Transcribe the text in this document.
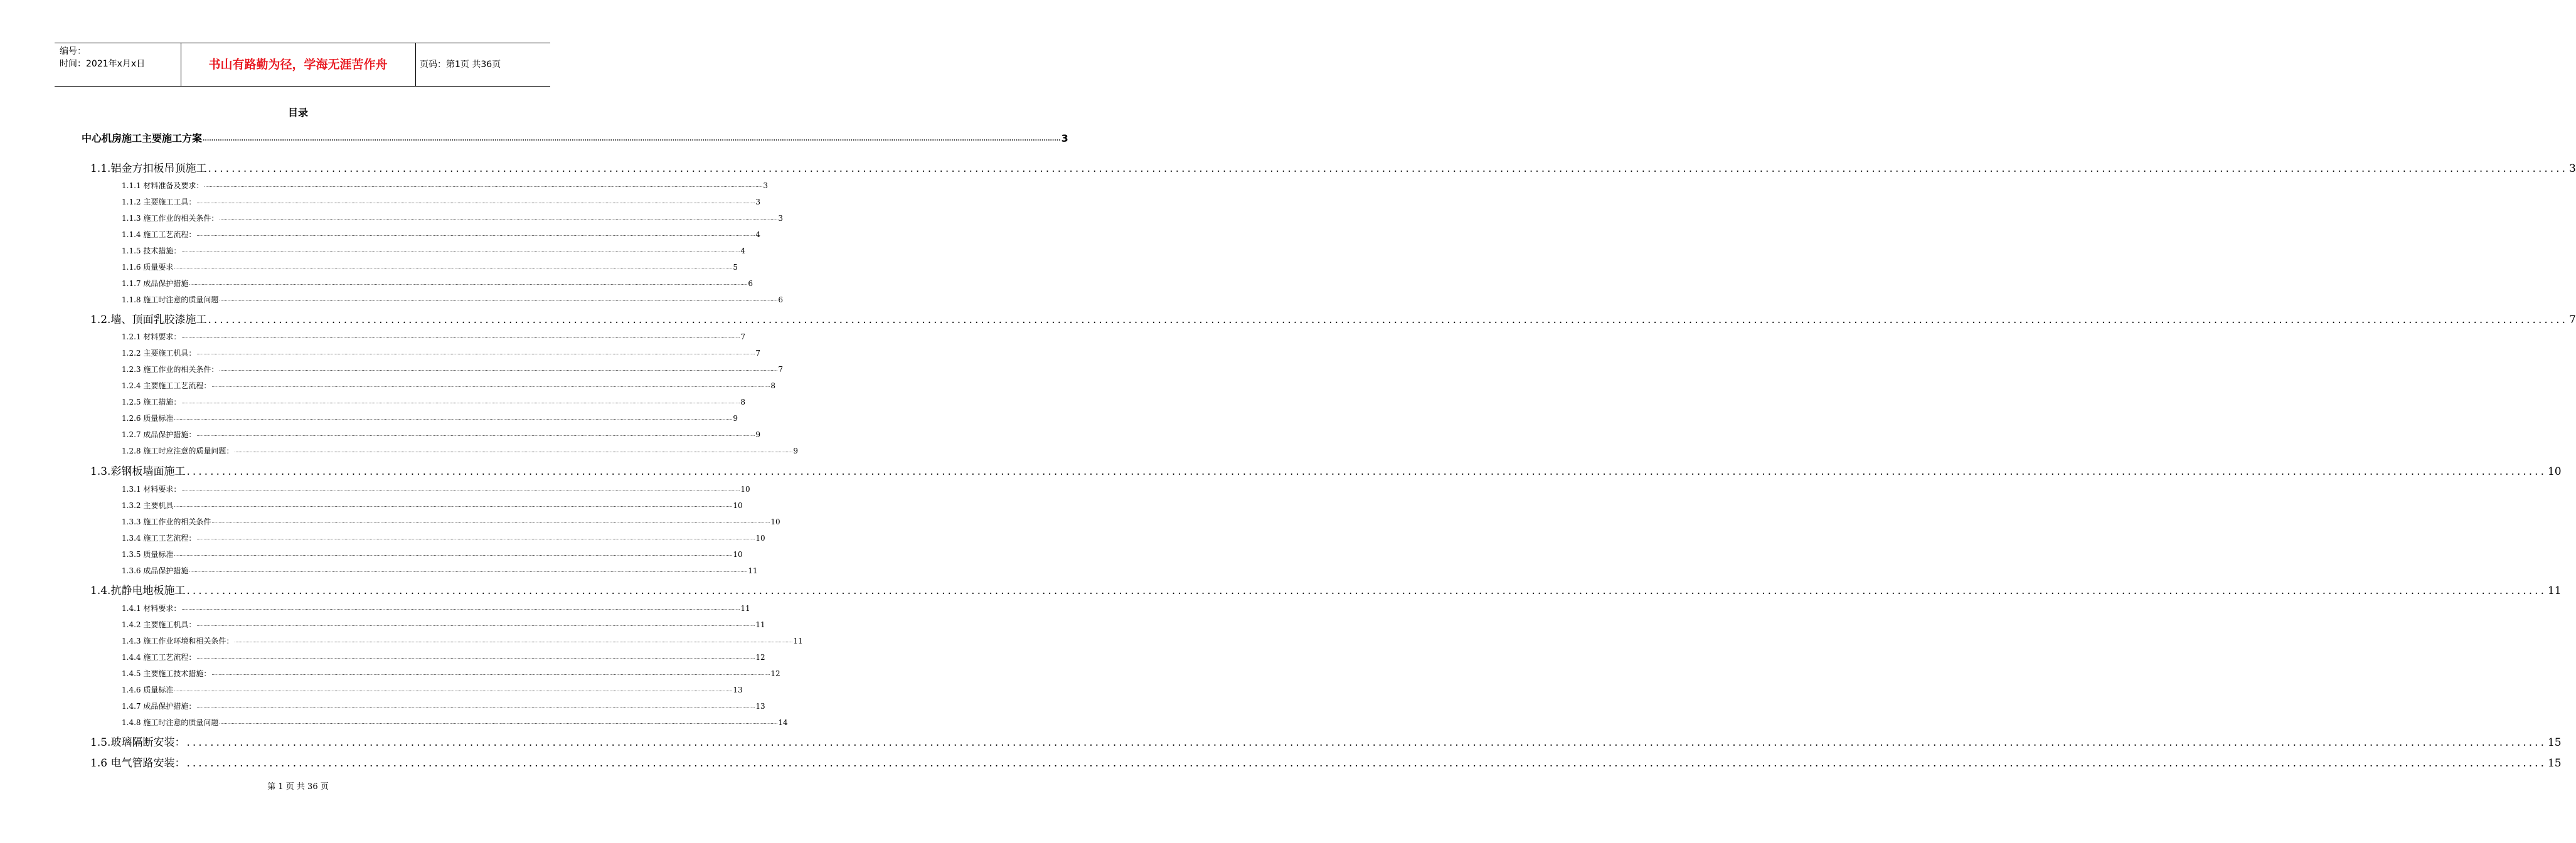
编号：
时间：2021年x月x日	书山有路勤为径，学海无涯苦作舟	页码：第1页 共36页
目录
中心机房施工主要施工方案 ................................................................................................................................................................................................................................................................................................................................................................................................................ 3
1.1.铝金方扣板吊顶施工 ................................................................................................................................................................................................................................................................................................................................................................................................................ 3
1.1.1 材料准备及要求： ................................................................................................................................................................................................................................................................................................................................................................................................................ 3
1.1.2 主要施工工具： ................................................................................................................................................................................................................................................................................................................................................................................................................ 3
1.1.3 施工作业的相关条件： ................................................................................................................................................................................................................................................................................................................................................................................................................ 3
1.1.4 施工工艺流程： ................................................................................................................................................................................................................................................................................................................................................................................................................ 4
1.1.5 技术措施： ................................................................................................................................................................................................................................................................................................................................................................................................................ 4
1.1.6 质量要求 ................................................................................................................................................................................................................................................................................................................................................................................................................ 5
1.1.7 成品保护措施 ................................................................................................................................................................................................................................................................................................................................................................................................................ 6
1.1.8 施工时注意的质量问题 ................................................................................................................................................................................................................................................................................................................................................................................................................ 6
1.2.墙、顶面乳胶漆施工 ................................................................................................................................................................................................................................................................................................................................................................................................................ 7
1.2.1 材料要求： ................................................................................................................................................................................................................................................................................................................................................................................................................ 7
1.2.2 主要施工机具： ................................................................................................................................................................................................................................................................................................................................................................................................................ 7
1.2.3 施工作业的相关条件： ................................................................................................................................................................................................................................................................................................................................................................................................................ 7
1.2.4 主要施工工艺流程： ................................................................................................................................................................................................................................................................................................................................................................................................................ 8
1.2.5 施工措施： ................................................................................................................................................................................................................................................................................................................................................................................................................ 8
1.2.6 质量标准 ................................................................................................................................................................................................................................................................................................................................................................................................................ 9
1.2.7 成品保护措施： ................................................................................................................................................................................................................................................................................................................................................................................................................ 9
1.2.8 施工时应注意的质量问题： ................................................................................................................................................................................................................................................................................................................................................................................................................ 9
1.3.彩钢板墙面施工 ................................................................................................................................................................................................................................................................................................................................................................................................................ 10
1.3.1 材料要求： ................................................................................................................................................................................................................................................................................................................................................................................................................ 10
1.3.2 主要机具 ................................................................................................................................................................................................................................................................................................................................................................................................................ 10
1.3.3 施工作业的相关条件 ................................................................................................................................................................................................................................................................................................................................................................................................................ 10
1.3.4 施工工艺流程： ................................................................................................................................................................................................................................................................................................................................................................................................................ 10
1.3.5 质量标准 ................................................................................................................................................................................................................................................................................................................................................................................................................ 10
1.3.6 成品保护措施 ................................................................................................................................................................................................................................................................................................................................................................................................................ 11
1.4.抗静电地板施工 ................................................................................................................................................................................................................................................................................................................................................................................................................ 11
1.4.1 材料要求： ................................................................................................................................................................................................................................................................................................................................................................................................................ 11
1.4.2 主要施工机具： ................................................................................................................................................................................................................................................................................................................................................................................................................ 11
1.4.3 施工作业环境和相关条件： ................................................................................................................................................................................................................................................................................................................................................................................................................ 11
1.4.4 施工工艺流程： ................................................................................................................................................................................................................................................................................................................................................................................................................ 12
1.4.5 主要施工技术措施： ................................................................................................................................................................................................................................................................................................................................................................................................................ 12
1.4.6 质量标准 ................................................................................................................................................................................................................................................................................................................................................................................................................ 13
1.4.7 成品保护措施： ................................................................................................................................................................................................................................................................................................................................................................................................................ 13
1.4.8 施工时注意的质量问题 ................................................................................................................................................................................................................................................................................................................................................................................................................ 14
1.5.玻璃隔断安装： ................................................................................................................................................................................................................................................................................................................................................................................................................ 15
1.6 电气管路安装： ................................................................................................................................................................................................................................................................................................................................................................................................................ 15
第 1 页 共 36 页
